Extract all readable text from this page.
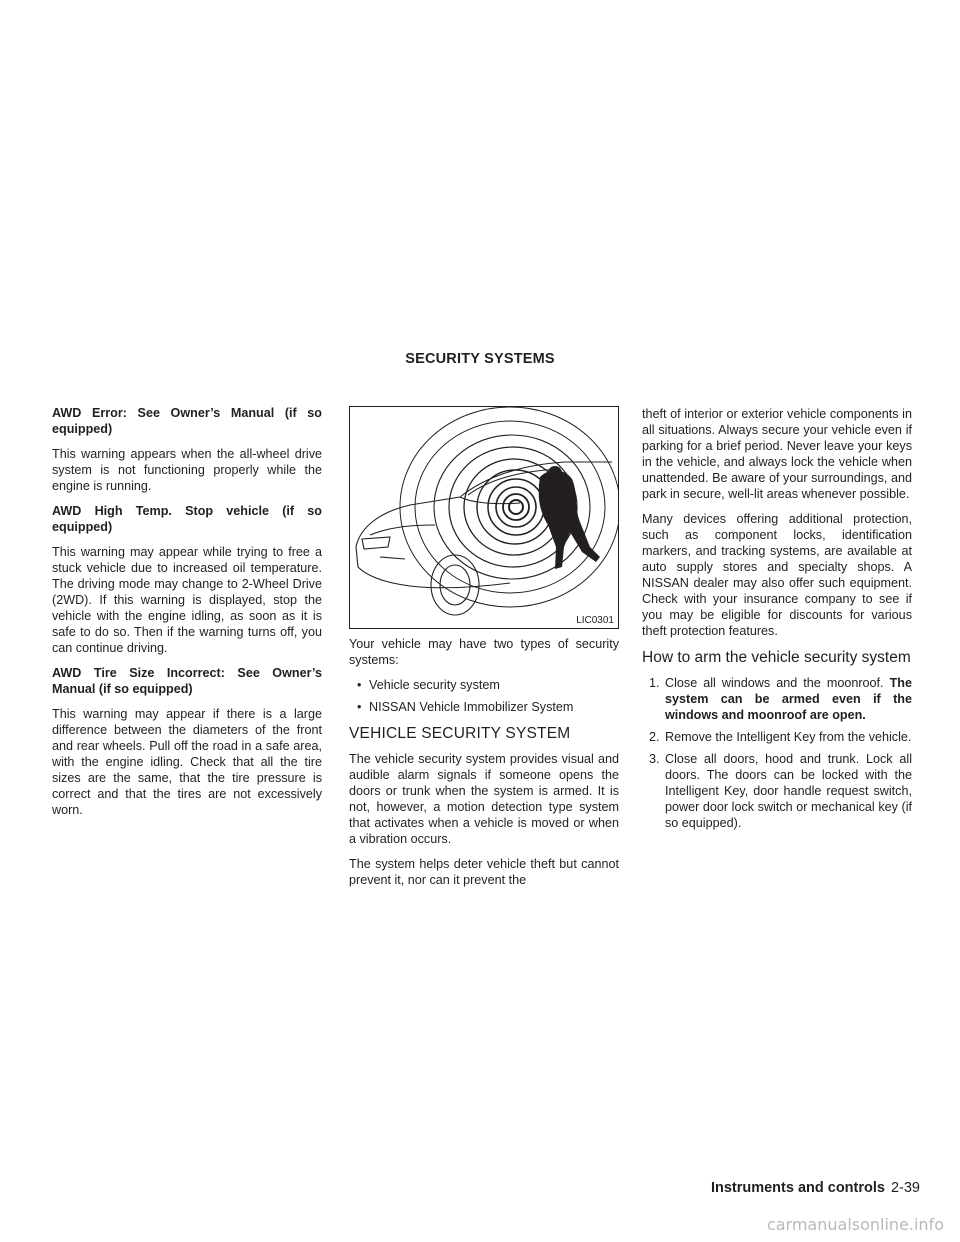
SECURITY SYSTEMS

AWD Error: See Owner’s Manual (if so equipped)

This warning appears when the all-wheel drive system is not functioning properly while the engine is running.

AWD High Temp. Stop vehicle (if so equipped)

This warning may appear while trying to free a stuck vehicle due to increased oil temperature. The driving mode may change to 2-Wheel Drive (2WD). If this warning is displayed, stop the vehicle with the engine idling, as soon as it is safe to do so. Then if the warning turns off, you can continue driving.

AWD Tire Size Incorrect: See Owner’s Manual (if so equipped)

This warning may appear if there is a large difference between the diameters of the front and rear wheels. Pull off the road in a safe area, with the engine idling. Check that all the tire sizes are the same, that the tire pressure is correct and that the tires are not excessively worn.

LIC0301

Your vehicle may have two types of security systems:

• Vehicle security system
• NISSAN Vehicle Immobilizer System
VEHICLE SECURITY SYSTEM

The vehicle security system provides visual and audible alarm signals if someone opens the doors or trunk when the system is armed. It is not, however, a motion detection type system that activates when a vehicle is moved or when a vibration occurs.

The system helps deter vehicle theft but cannot prevent it, nor can it prevent the

theft of interior or exterior vehicle components in all situations. Always secure your vehicle even if parking for a brief period. Never leave your keys in the vehicle, and always lock the vehicle when unattended. Be aware of your surroundings, and park in secure, well-lit areas whenever possible.

Many devices offering additional protection, such as component locks, identification markers, and tracking systems, are available at auto supply stores and specialty shops. A NISSAN dealer may also offer such equipment. Check with your insurance company to see if you may be eligible for discounts for various theft protection features.

How to arm the vehicle security system
1. Close all windows and the moonroof. The system can be armed even if the windows and moonroof are open.
2. Remove the Intelligent Key from the vehicle.
3. Close all doors, hood and trunk. Lock all doors. The doors can be locked with the Intelligent Key, door handle request switch, power door lock switch or mechanical key (if so equipped).
Instruments and controls 2-39
carmanualsonline.info
